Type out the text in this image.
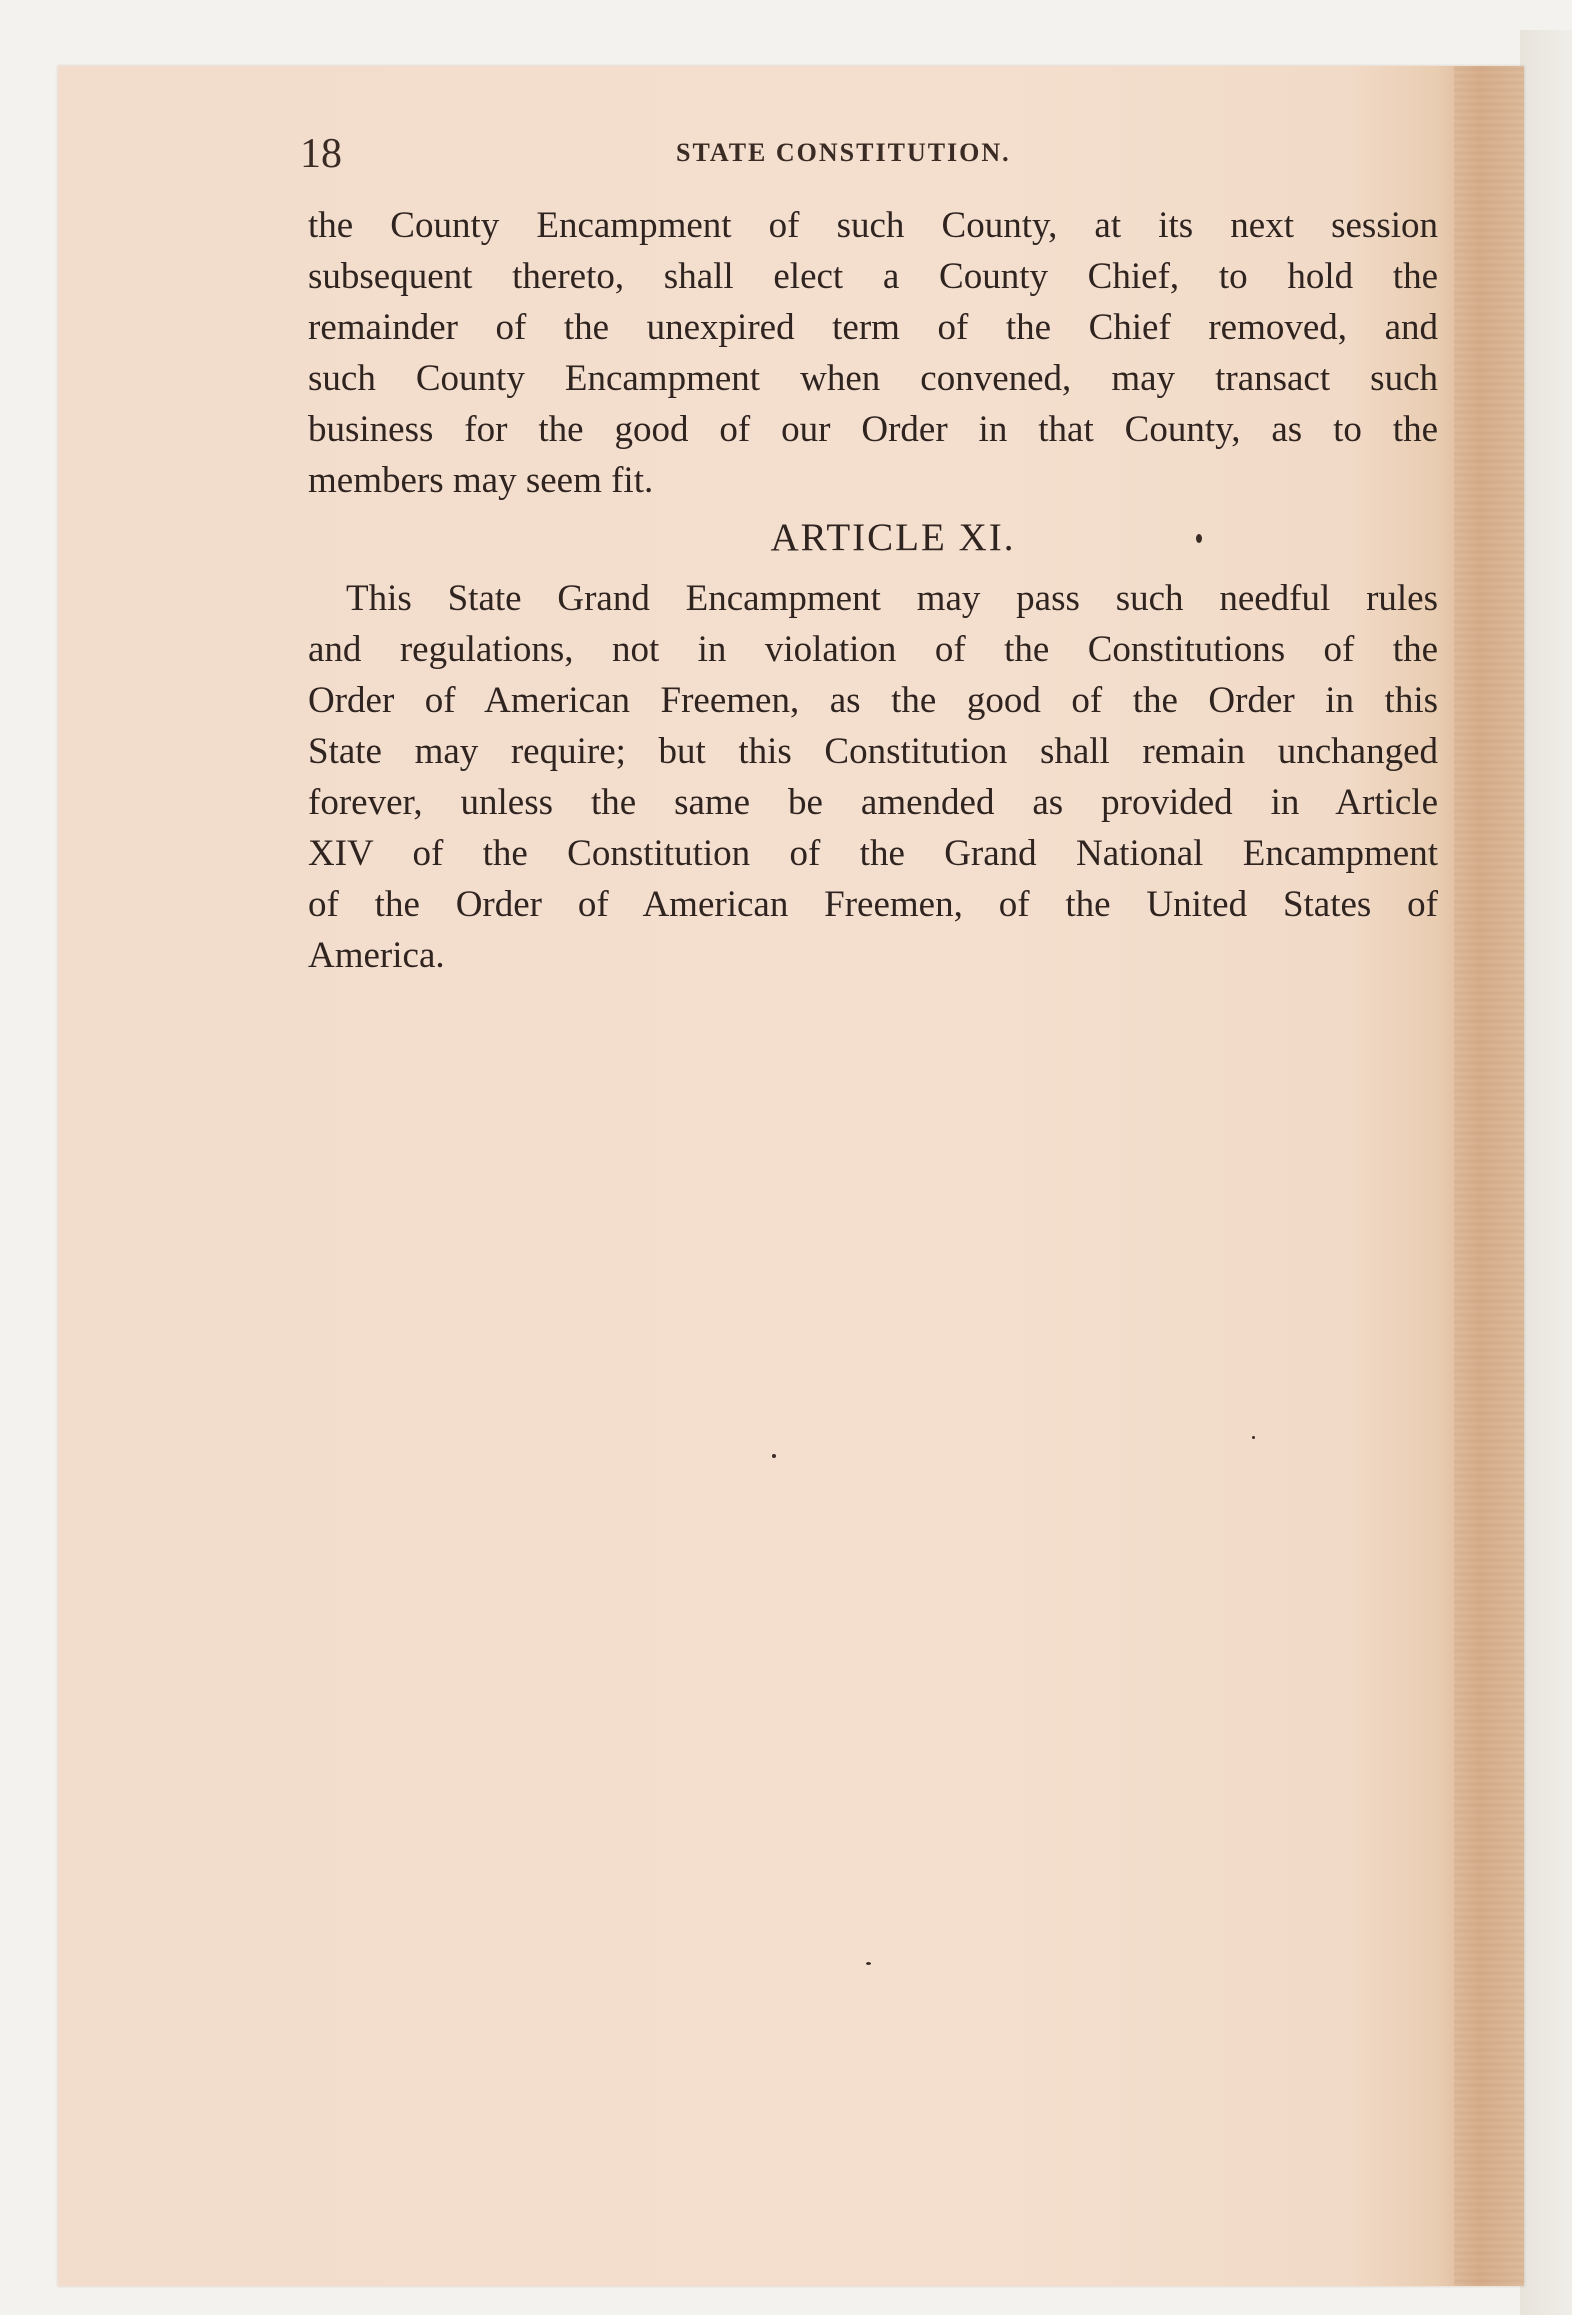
18	STATE CONSTITUTION.
the County Encampment of such County, at its next session
subsequent thereto, shall elect a County Chief, to hold the
remainder of the unexpired term of the Chief removed, and
such County Encampment when convened, may transact such
business for the good of our Order in that County, as to the
members may seem fit.
ARTICLE XI.
This State Grand Encampment may pass such needful rules
and regulations, not in violation of the Constitutions of the
Order of American Freemen, as the good of the Order in this
State may require; but this Constitution shall remain unchanged
forever, unless the same be amended as provided in Article
XIV of the Constitution of the Grand National Encampment
of the Order of American Freemen, of the United States of
America.
